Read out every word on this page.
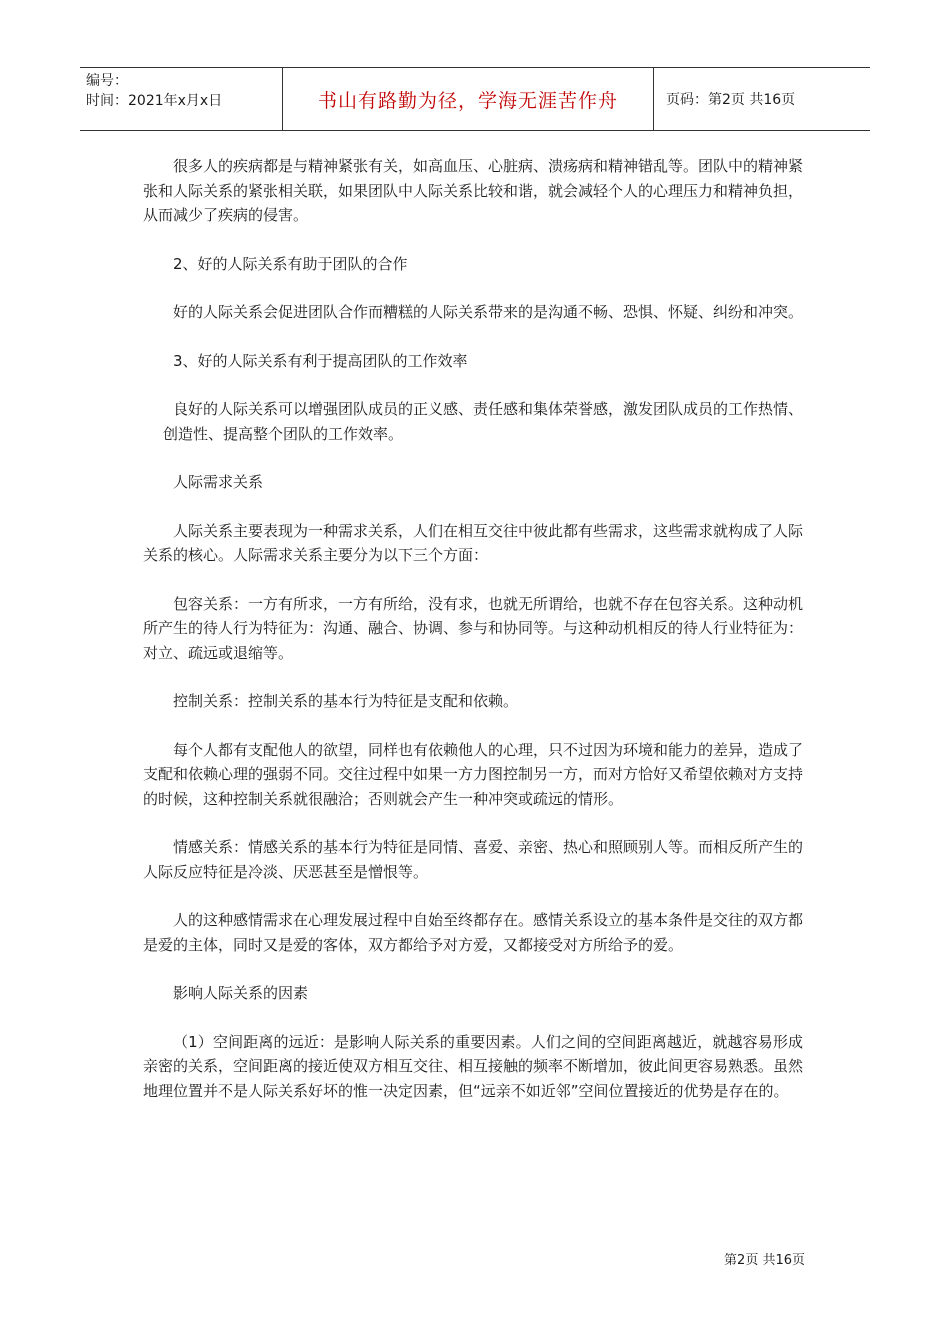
编号：
时间：2021年x月x日	书山有路勤为径，学海无涯苦作舟	页码：第2页 共16页

很多人的疾病都是与精神紧张有关，如高血压、心脏病、溃疡病和精神错乱等。团队中的精神紧张和人际关系的紧张相关联，如果团队中人际关系比较和谐，就会减轻个人的心理压力和精神负担，从而减少了疾病的侵害。

2、好的人际关系有助于团队的合作

好的人际关系会促进团队合作而糟糕的人际关系带来的是沟通不畅、恐惧、怀疑、纠纷和冲突。

3、好的人际关系有利于提高团队的工作效率

良好的人际关系可以增强团队成员的正义感、责任感和集体荣誉感，激发团队成员的工作热情、创造性、提高整个团队的工作效率。

人际需求关系

人际关系主要表现为一种需求关系，人们在相互交往中彼此都有些需求，这些需求就构成了人际关系的核心。人际需求关系主要分为以下三个方面：

包容关系：一方有所求，一方有所给，没有求，也就无所谓给，也就不存在包容关系。这种动机所产生的待人行为特征为：沟通、融合、协调、参与和协同等。与这种动机相反的待人行业特征为：对立、疏远或退缩等。

控制关系：控制关系的基本行为特征是支配和依赖。

每个人都有支配他人的欲望，同样也有依赖他人的心理，只不过因为环境和能力的差异，造成了支配和依赖心理的强弱不同。交往过程中如果一方力图控制另一方，而对方恰好又希望依赖对方支持的时候，这种控制关系就很融洽；否则就会产生一种冲突或疏远的情形。

情感关系：情感关系的基本行为特征是同情、喜爱、亲密、热心和照顾别人等。而相反所产生的人际反应特征是冷淡、厌恶甚至是憎恨等。

人的这种感情需求在心理发展过程中自始至终都存在。感情关系设立的基本条件是交往的双方都是爱的主体，同时又是爱的客体，双方都给予对方爱，又都接受对方所给予的爱。

影响人际关系的因素

（1）空间距离的远近：是影响人际关系的重要因素。人们之间的空间距离越近，就越容易形成亲密的关系，空间距离的接近使双方相互交往、相互接触的频率不断增加，彼此间更容易熟悉。虽然地理位置并不是人际关系好坏的惟一决定因素，但“远亲不如近邻”空间位置接近的优势是存在的。

第2页 共16页
